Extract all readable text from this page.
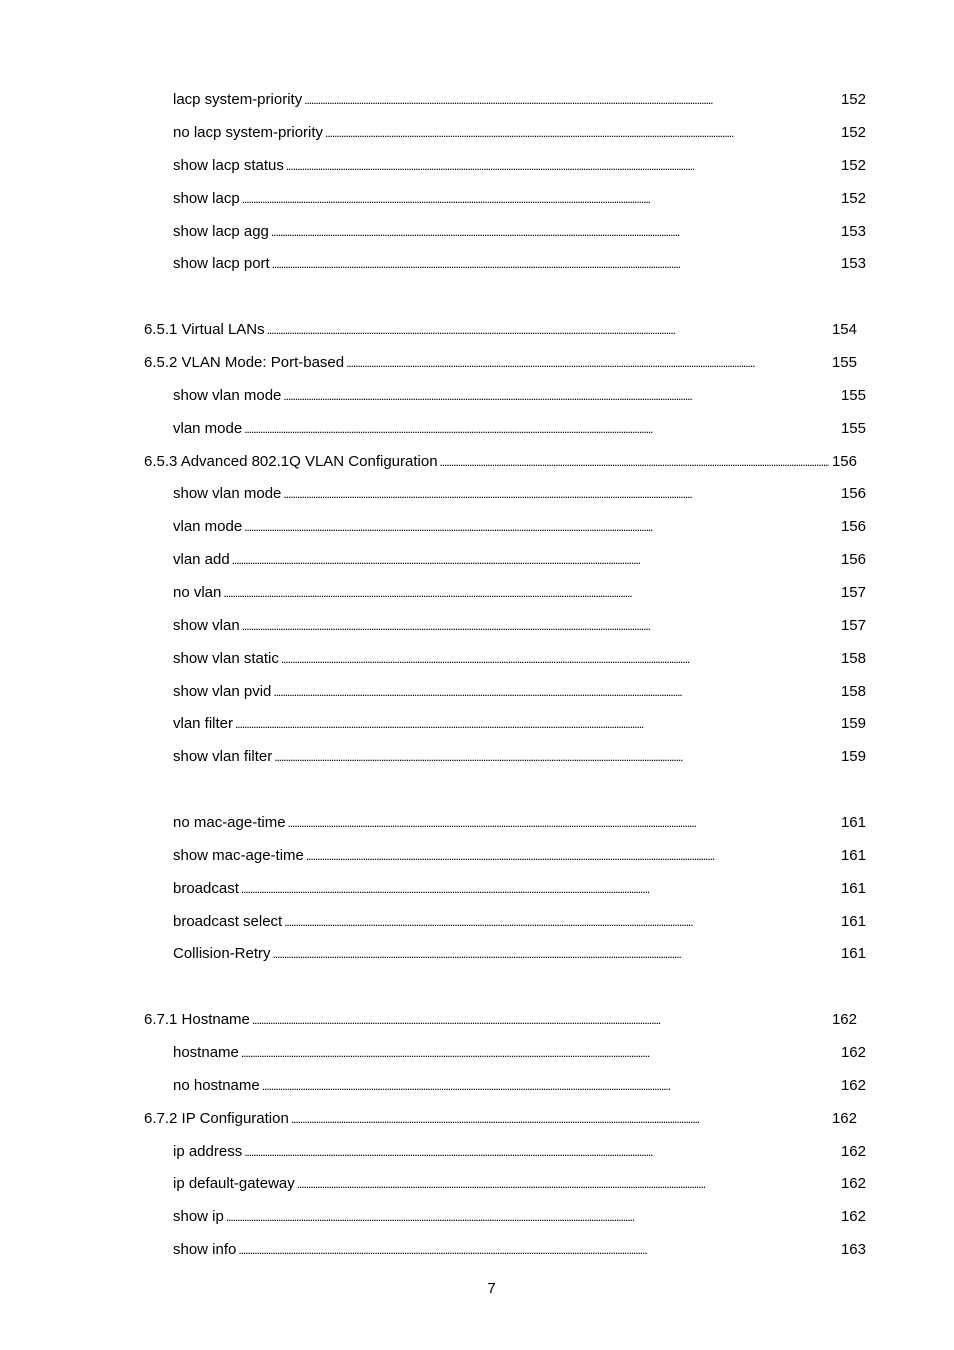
lacp system-priority . . .	152
no lacp system-priority . . .	152
show lacp status . . .	152
show lacp . . .	152
show lacp agg . . .	153
show lacp port . . .	153
6.5.1 Virtual LANs . . .	154
6.5.2 VLAN Mode: Port-based . . .	155
show vlan mode . . .	155
vlan mode . . .	155
6.5.3 Advanced 802.1Q VLAN Configuration . . .	156
show vlan mode . . .	156
vlan mode . . .	156
vlan add . . .	156
no vlan . . .	157
show vlan . . .	157
show vlan static . . .	158
show vlan pvid . . .	158
vlan filter . . .	159
show vlan filter . . .	159
no mac-age-time . . .	161
show mac-age-time . . .	161
broadcast . . .	161
broadcast select . . .	161
Collision-Retry . . .	161
6.7.1 Hostname . . .	162
hostname . . .	162
no hostname . . .	162
6.7.2 IP Configuration . . .	162
ip address . . .	162
ip default-gateway . . .	162
show ip . . .	162
show info . . .	163
7
